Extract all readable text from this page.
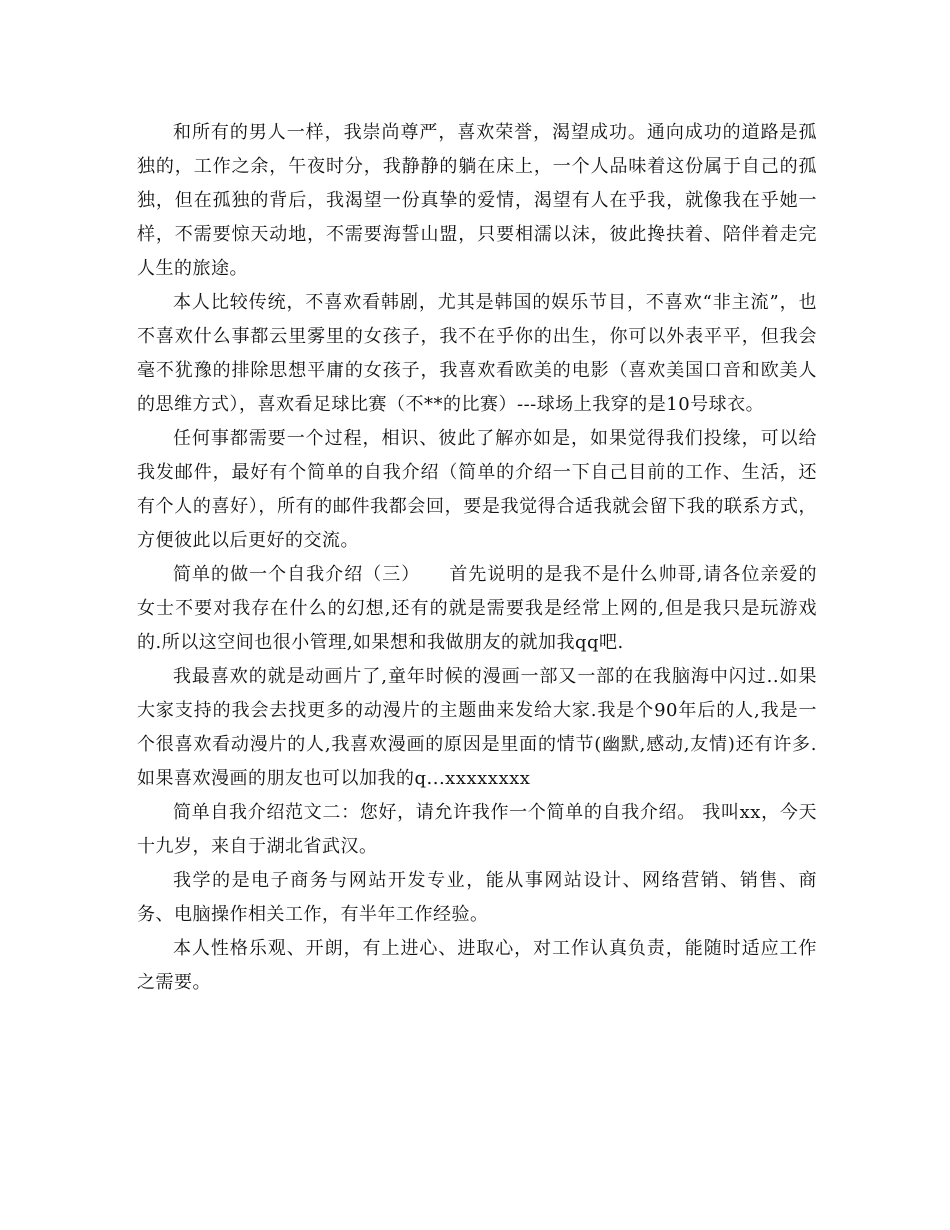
和所有的男人一样，我崇尚尊严，喜欢荣誉，渴望成功。通向成功的道路是孤独的，工作之余，午夜时分，我静静的躺在床上，一个人品味着这份属于自己的孤独，但在孤独的背后，我渴望一份真挚的爱情，渴望有人在乎我，就像我在乎她一样，不需要惊天动地，不需要海誓山盟，只要相濡以沫，彼此搀扶着、陪伴着走完人生的旅途。

本人比较传统，不喜欢看韩剧，尤其是韩国的娱乐节目，不喜欢“非主流”，也不喜欢什么事都云里雾里的女孩子，我不在乎你的出生，你可以外表平平，但我会毫不犹豫的排除思想平庸的女孩子，我喜欢看欧美的电影（喜欢美国口音和欧美人的思维方式），喜欢看足球比赛（不**的比赛）---球场上我穿的是10号球衣。

任何事都需要一个过程，相识、彼此了解亦如是，如果觉得我们投缘，可以给我发邮件，最好有个简单的自我介绍（简单的介绍一下自己目前的工作、生活，还有个人的喜好），所有的邮件我都会回，要是我觉得合适我就会留下我的联系方式，方便彼此以后更好的交流。

简单的做一个自我介绍（三）　　首先说明的是我不是什么帅哥,请各位亲爱的女士不要对我存在什么的幻想,还有的就是需要我是经常上网的,但是我只是玩游戏的.所以这空间也很小管理,如果想和我做朋友的就加我qq吧.

我最喜欢的就是动画片了,童年时候的漫画一部又一部的在我脑海中闪过..如果大家支持的我会去找更多的动漫片的主题曲来发给大家.我是个90年后的人,我是一个很喜欢看动漫片的人,我喜欢漫画的原因是里面的情节(幽默,感动,友情)还有许多.如果喜欢漫画的朋友也可以加我的q...xxxxxxxx

简单自我介绍范文二：您好，请允许我作一个简单的自我介绍。 我叫xx，今天十九岁，来自于湖北省武汉。

我学的是电子商务与网站开发专业，能从事网站设计、网络营销、销售、商务、电脑操作相关工作，有半年工作经验。

本人性格乐观、开朗，有上进心、进取心，对工作认真负责，能随时适应工作之需要。
